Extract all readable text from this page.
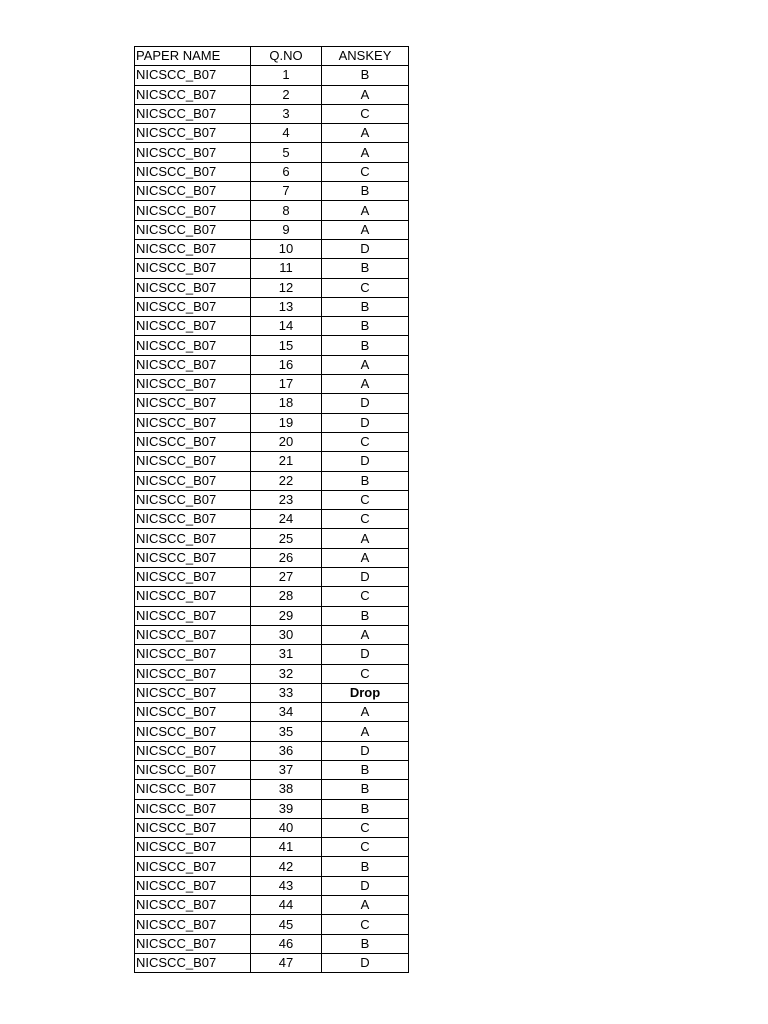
PAPER NAME	Q.NO	ANSKEY
NICSCC_B07	1	B
NICSCC_B07	2	A
NICSCC_B07	3	C
NICSCC_B07	4	A
NICSCC_B07	5	A
NICSCC_B07	6	C
NICSCC_B07	7	B
NICSCC_B07	8	A
NICSCC_B07	9	A
NICSCC_B07	10	D
NICSCC_B07	11	B
NICSCC_B07	12	C
NICSCC_B07	13	B
NICSCC_B07	14	B
NICSCC_B07	15	B
NICSCC_B07	16	A
NICSCC_B07	17	A
NICSCC_B07	18	D
NICSCC_B07	19	D
NICSCC_B07	20	C
NICSCC_B07	21	D
NICSCC_B07	22	B
NICSCC_B07	23	C
NICSCC_B07	24	C
NICSCC_B07	25	A
NICSCC_B07	26	A
NICSCC_B07	27	D
NICSCC_B07	28	C
NICSCC_B07	29	B
NICSCC_B07	30	A
NICSCC_B07	31	D
NICSCC_B07	32	C
NICSCC_B07	33	Drop
NICSCC_B07	34	A
NICSCC_B07	35	A
NICSCC_B07	36	D
NICSCC_B07	37	B
NICSCC_B07	38	B
NICSCC_B07	39	B
NICSCC_B07	40	C
NICSCC_B07	41	C
NICSCC_B07	42	B
NICSCC_B07	43	D
NICSCC_B07	44	A
NICSCC_B07	45	C
NICSCC_B07	46	B
NICSCC_B07	47	D
